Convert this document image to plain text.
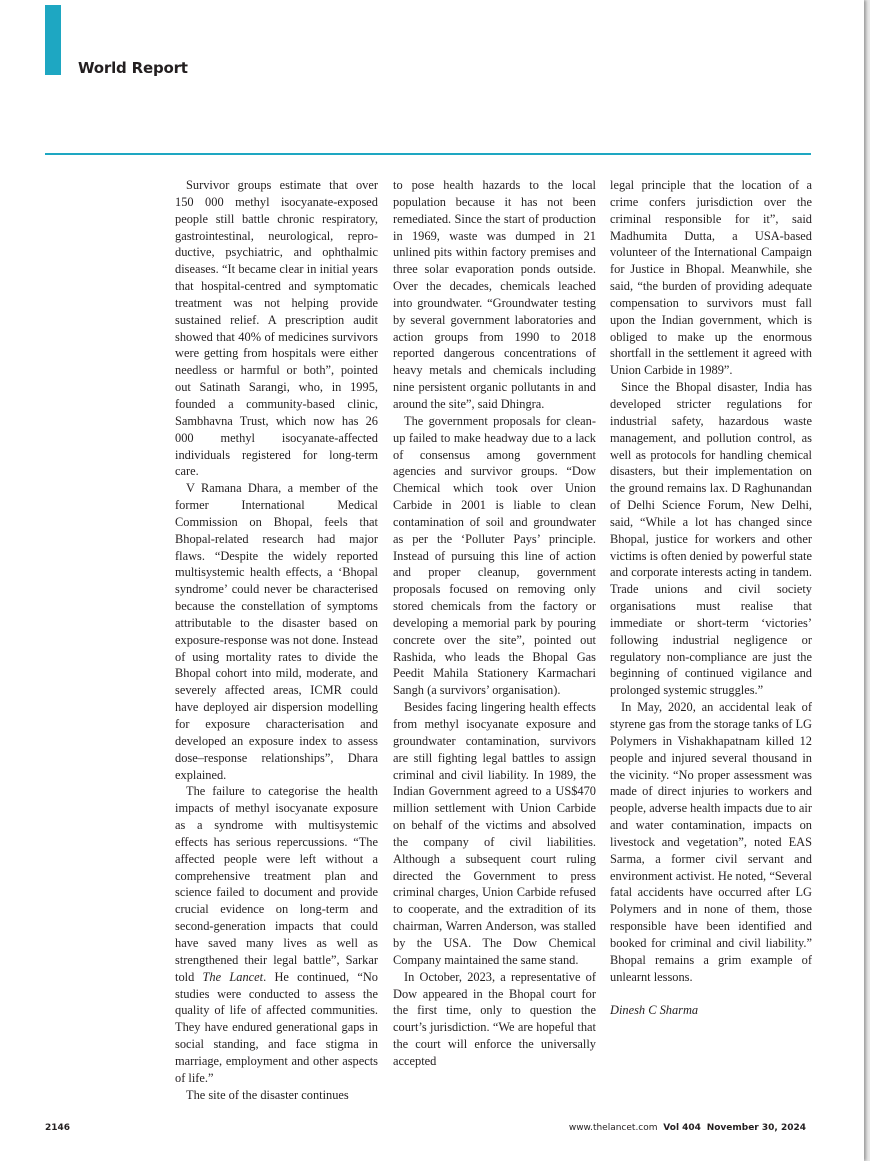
World Report

Survivor groups estimate that over 150 000 methyl isocyanate-exposed people still battle chronic respiratory, gastrointestinal, neurological, reproductive, psychiatric, and ophthalmic diseases. “It became clear in initial years that hospital-centred and symptomatic treatment was not helping provide sustained relief. A prescription audit showed that 40% of medicines survivors were getting from hospitals were either needless or harmful or both”, pointed out Satinath Sarangi, who, in 1995, founded a community-based clinic, Sambhavna Trust, which now has 26 000 methyl isocyanate-affected individuals registered for long-term care.

V Ramana Dhara, a member of the former International Medical Commission on Bhopal, feels that Bhopal-related research had major flaws. “Despite the widely reported multisystemic health effects, a ‘Bhopal syndrome’ could never be characterised because the constellation of symptoms attributable to the disaster based on exposure-response was not done. Instead of using mortality rates to divide the Bhopal cohort into mild, moderate, and severely affected areas, ICMR could have deployed air dispersion modelling for exposure characterisation and developed an exposure index to assess dose–response relationships”, Dhara explained.

The failure to categorise the health impacts of methyl isocyanate exposure as a syndrome with multisystemic effects has serious repercussions. “The affected people were left without a comprehensive treatment plan and science failed to document and provide crucial evidence on long-term and second-generation impacts that could have saved many lives as well as strengthened their legal battle”, Sarkar told The Lancet. He continued, “No studies were conducted to assess the quality of life of affected communities. They have endured generational gaps in social standing, and face stigma in marriage, employment and other aspects of life.”

The site of the disaster continues

to pose health hazards to the local population because it has not been remediated. Since the start of production in 1969, waste was dumped in 21 unlined pits within factory premises and three solar evaporation ponds outside. Over the decades, chemicals leached into groundwater. “Groundwater testing by several government laboratories and action groups from 1990 to 2018 reported dangerous concentrations of heavy metals and chemicals including nine persistent organic pollutants in and around the site”, said Dhingra.

The government proposals for clean-up failed to make headway due to a lack of consensus among government agencies and survivor groups. “Dow Chemical which took over Union Carbide in 2001 is liable to clean contamination of soil and groundwater as per the ‘Polluter Pays’ principle. Instead of pursuing this line of action and proper cleanup, government proposals focused on removing only stored chemicals from the factory or developing a memorial park by pouring concrete over the site”, pointed out Rashida, who leads the Bhopal Gas Peedit Mahila Stationery Karmachari Sangh (a survivors’ organisation).

Besides facing lingering health effects from methyl isocyanate exposure and groundwater contamination, survivors are still fighting legal battles to assign criminal and civil liability. In 1989, the Indian Government agreed to a US$470 million settlement with Union Carbide on behalf of the victims and absolved the company of civil liabilities. Although a subsequent court ruling directed the Government to press criminal charges, Union Carbide refused to cooperate, and the extradition of its chairman, Warren Anderson, was stalled by the USA. The Dow Chemical Company maintained the same stand.

In October, 2023, a representative of Dow appeared in the Bhopal court for the first time, only to question the court’s jurisdiction. “We are hopeful that the court will enforce the universally accepted

legal principle that the location of a crime confers jurisdiction over the criminal responsible for it”, said Madhumita Dutta, a USA-based volunteer of the International Campaign for Justice in Bhopal. Meanwhile, she said, “the burden of providing adequate compensation to survivors must fall upon the Indian government, which is obliged to make up the enormous shortfall in the settlement it agreed with Union Carbide in 1989”.

Since the Bhopal disaster, India has developed stricter regulations for industrial safety, hazardous waste management, and pollution control, as well as protocols for handling chemical disasters, but their implementation on the ground remains lax. D Raghunandan of Delhi Science Forum, New Delhi, said, “While a lot has changed since Bhopal, justice for workers and other victims is often denied by powerful state and corporate interests acting in tandem. Trade unions and civil society organisations must realise that immediate or short-term ‘victories’ following industrial negligence or regulatory non-compliance are just the beginning of continued vigilance and prolonged systemic struggles.”

In May, 2020, an accidental leak of styrene gas from the storage tanks of LG Polymers in Vishakhapatnam killed 12 people and injured several thousand in the vicinity. “No proper assessment was made of direct injuries to workers and people, adverse health impacts due to air and water contamination, impacts on livestock and vegetation”, noted EAS Sarma, a former civil servant and environment activist. He noted, “Several fatal accidents have occurred after LG Polymers and in none of them, those responsible have been identified and booked for criminal and civil liability.” Bhopal remains a grim example of unlearnt lessons.

Dinesh C Sharma

2146	www.thelancet.com Vol 404 November 30, 2024
